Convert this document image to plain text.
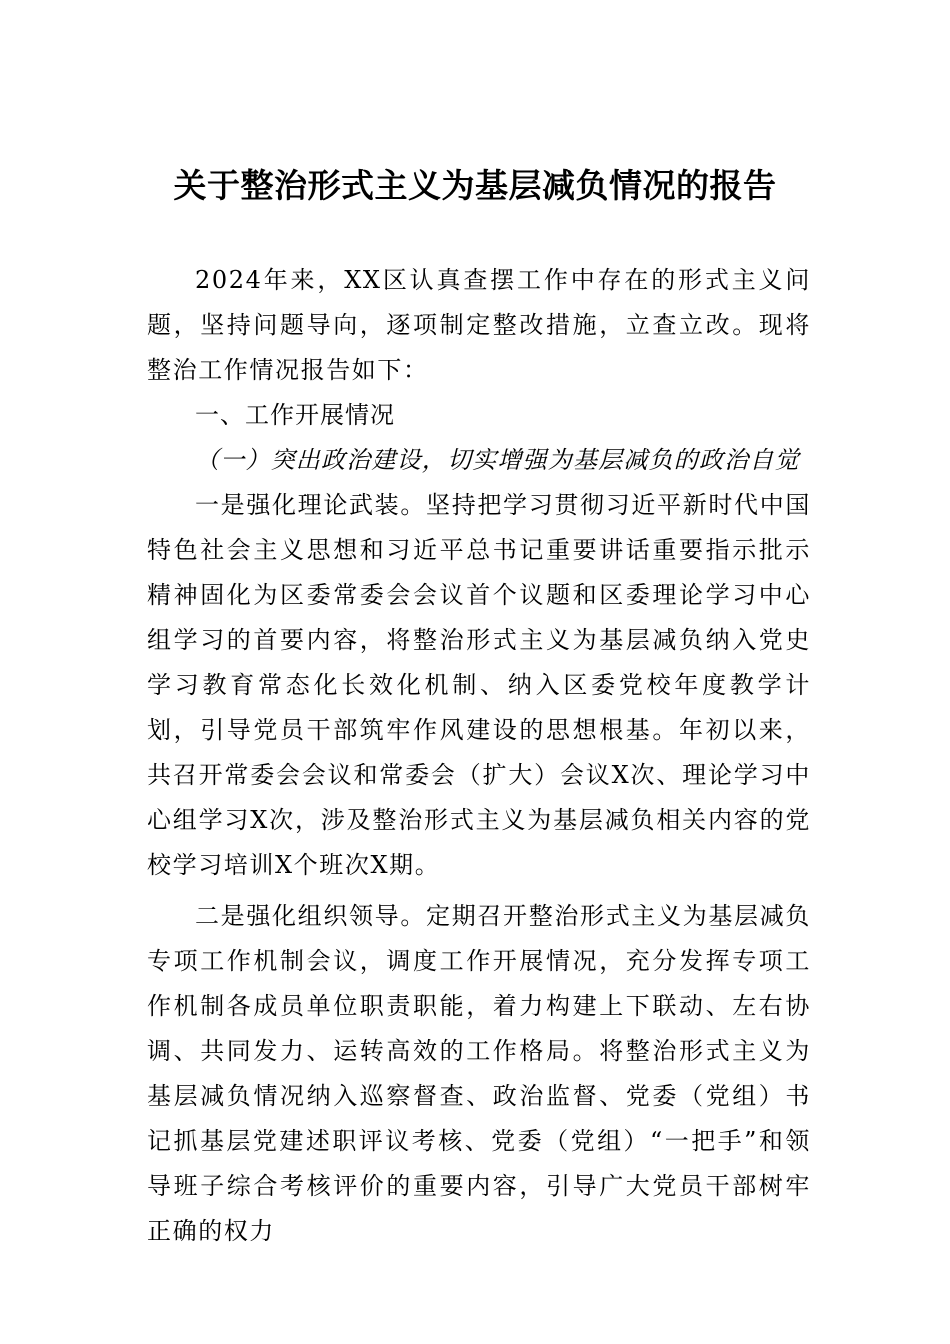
关于整治形式主义为基层减负情况的报告

2024年来，XX区认真查摆工作中存在的形式主义问题，坚持问题导向，逐项制定整改措施，立查立改。现将整治工作情况报告如下：

一、工作开展情况

（一）突出政治建设，切实增强为基层减负的政治自觉

一是强化理论武装。坚持把学习贯彻习近平新时代中国特色社会主义思想和习近平总书记重要讲话重要指示批示精神固化为区委常委会会议首个议题和区委理论学习中心组学习的首要内容，将整治形式主义为基层减负纳入党史学习教育常态化长效化机制、纳入区委党校年度教学计划，引导党员干部筑牢作风建设的思想根基。年初以来，共召开常委会会议和常委会（扩大）会议X次、理论学习中心组学习X次，涉及整治形式主义为基层减负相关内容的党校学习培训X个班次X期。

二是强化组织领导。定期召开整治形式主义为基层减负专项工作机制会议，调度工作开展情况，充分发挥专项工作机制各成员单位职责职能，着力构建上下联动、左右协调、共同发力、运转高效的工作格局。将整治形式主义为基层减负情况纳入巡察督查、政治监督、党委（党组）书记抓基层党建述职评议考核、党委（党组）“一把手”和领导班子综合考核评价的重要内容，引导广大党员干部树牢正确的权力
